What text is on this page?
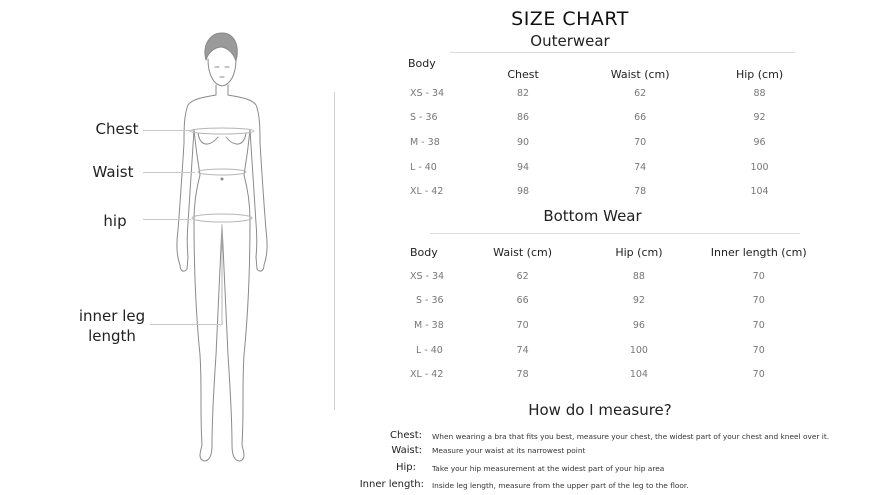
Chest
Waist
hip
inner leg
length
SIZE CHART
Outerwear
Body	Chest	Waist (cm)	Hip (cm)
XS - 34	82	62	88
S - 36	86	66	92
M - 38	90	70	96
L - 40	94	74	100
XL - 42	98	78	104
Bottom Wear
Body	Waist (cm)	Hip (cm)	Inner length (cm)
XS - 34	62	88	70
S - 36	66	92	70
M - 38	70	96	70
L - 40	74	100	70
XL - 42	78	104	70
How do I measure?
Chest: When wearing a bra that fits you best, measure your chest, the widest part of your chest and kneel over it.
Waist: Measure your waist at its narrowest point
Hip: Take your hip measurement at the widest part of your hip area
Inner length: Inside leg length, measure from the upper part of the leg to the floor.
